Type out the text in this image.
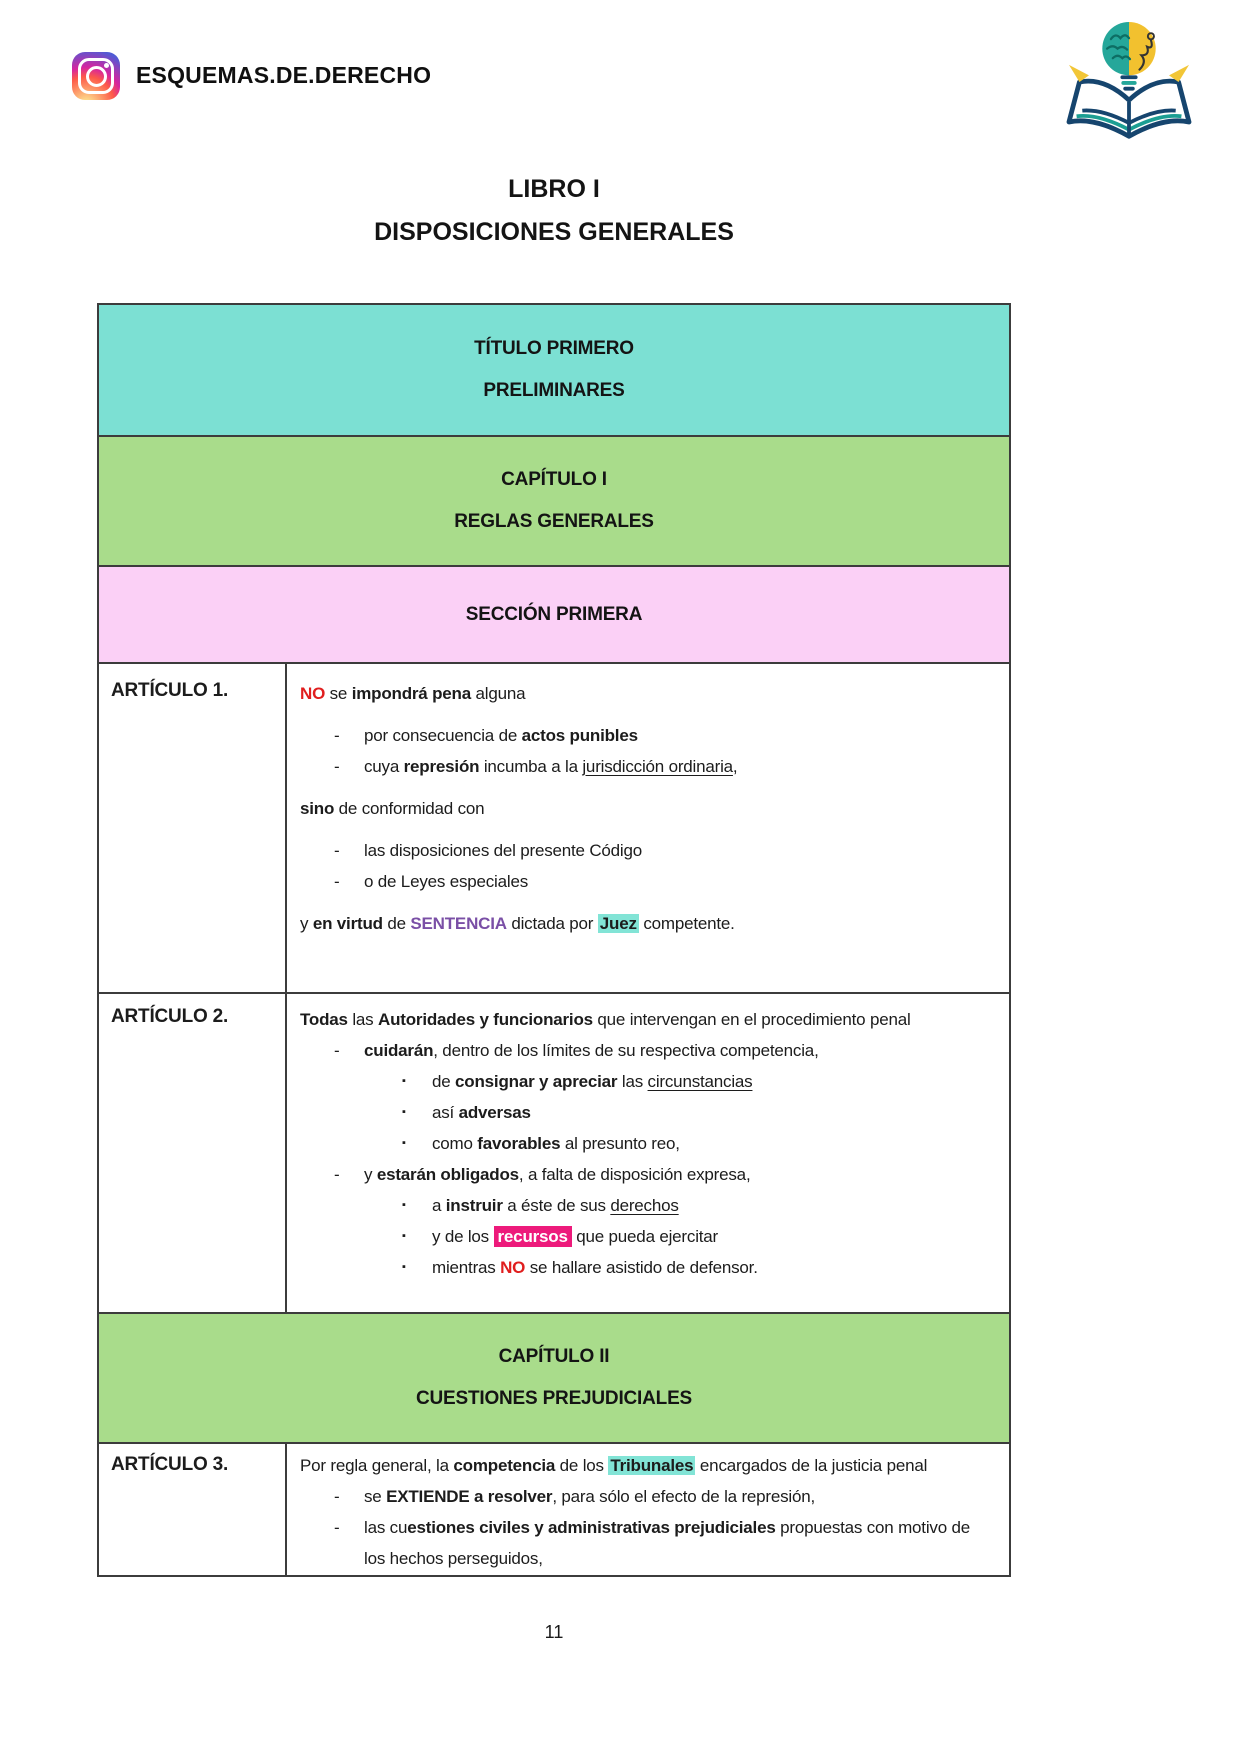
ESQUEMAS.DE.DERECHO
LIBRO I
DISPOSICIONES GENERALES
TÍTULO PRIMERO
PRELIMINARES
CAPÍTULO I
REGLAS GENERALES
SECCIÓN PRIMERA
ARTÍCULO 1.	NO se impondrá pena alguna
- por consecuencia de actos punibles
- cuya represión incumba a la jurisdicción ordinaria,
sino de conformidad con
- las disposiciones del presente Código
- o de Leyes especiales
y en virtud de SENTENCIA dictada por Juez competente.
ARTÍCULO 2.	Todas las Autoridades y funcionarios que intervengan en el procedimiento penal
- cuidarán, dentro de los límites de su respectiva competencia,
▪ de consignar y apreciar las circunstancias
▪ así adversas
▪ como favorables al presunto reo,
- y estarán obligados, a falta de disposición expresa,
▪ a instruir a éste de sus derechos
▪ y de los recursos que pueda ejercitar
▪ mientras NO se hallare asistido de defensor.
CAPÍTULO II
CUESTIONES PREJUDICIALES
ARTÍCULO 3.	Por regla general, la competencia de los Tribunales encargados de la justicia penal
- se EXTIENDE a resolver, para sólo el efecto de la represión,
- las cuestiones civiles y administrativas prejudiciales propuestas con motivo de
los hechos perseguidos,
11
